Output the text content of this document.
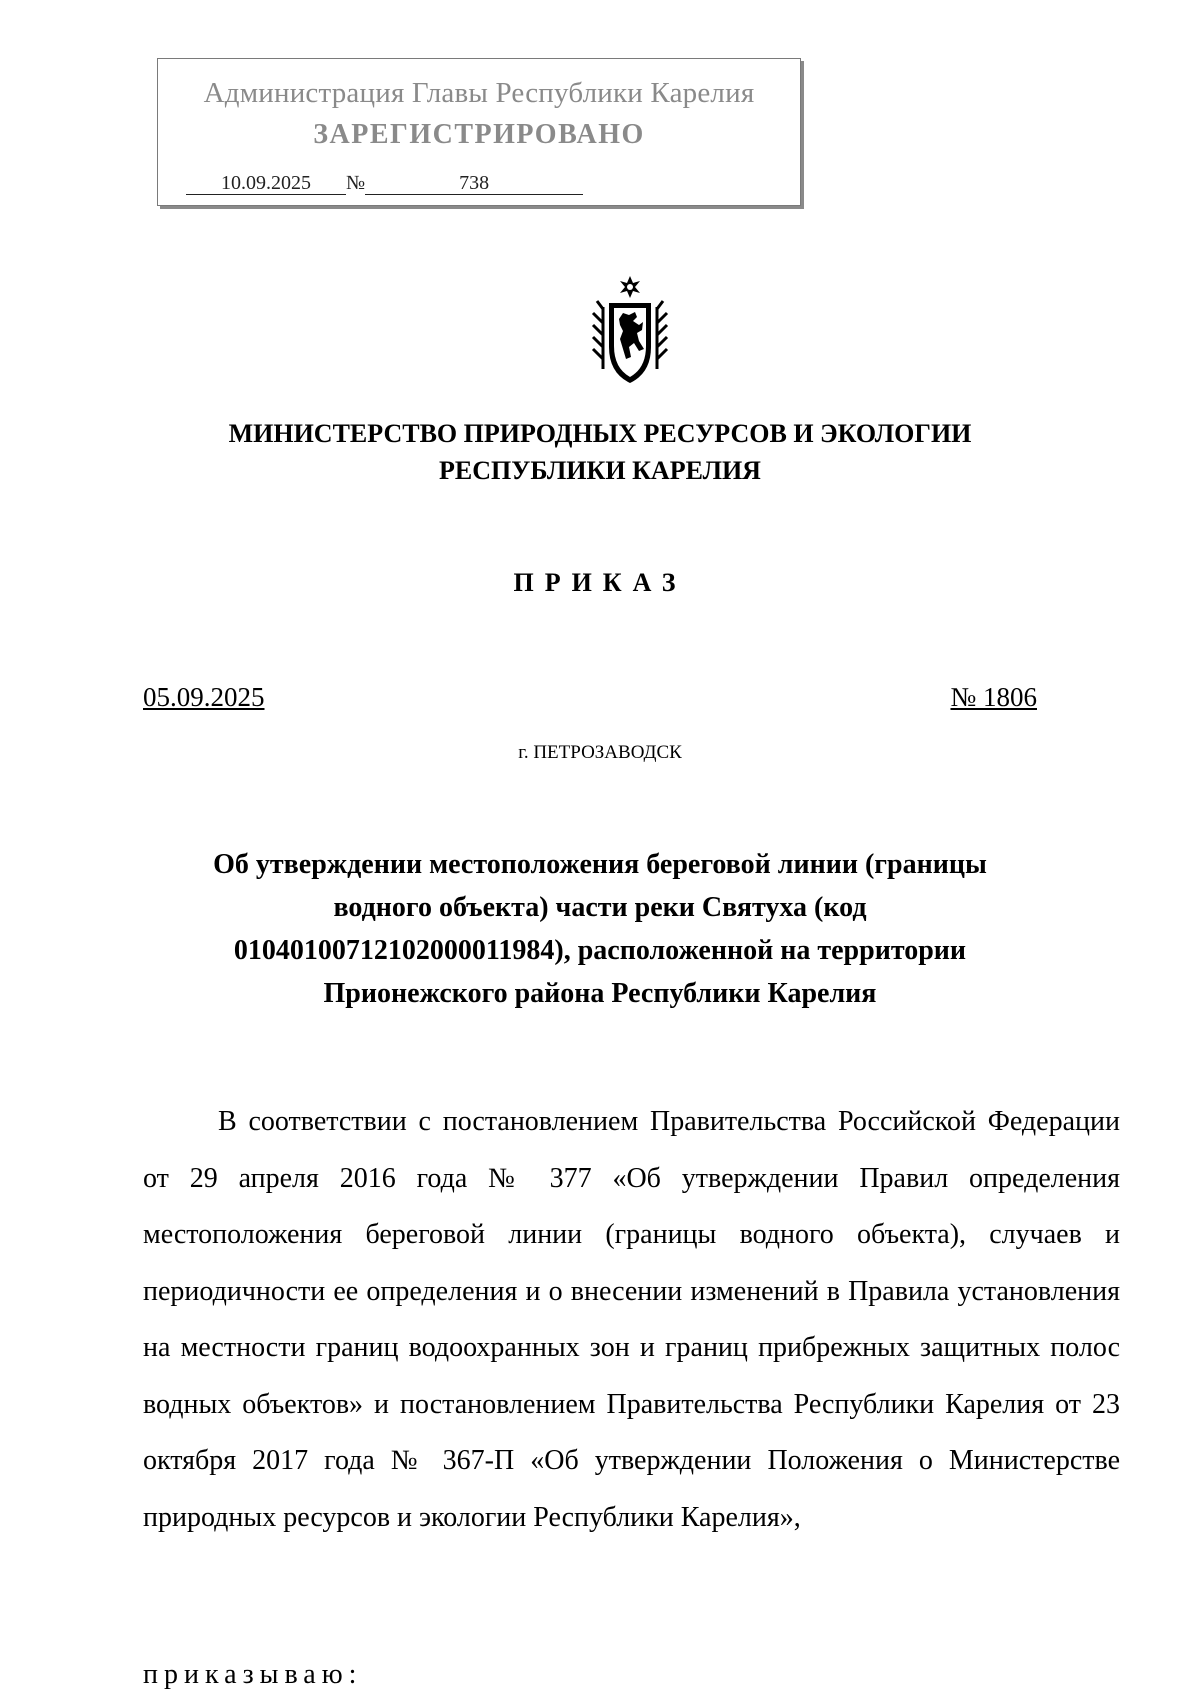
Администрация Главы Республики Карелия
ЗАРЕГИСТРИРОВАНО
10.09.2025 №	738
МИНИСТЕРСТВО ПРИРОДНЫХ РЕСУРСОВ И ЭКОЛОГИИ
РЕСПУБЛИКИ КАРЕЛИЯ
ПРИКАЗ
05.09.2025	№ 1806
г. ПЕТРОЗАВОДСК
Об утверждении местоположения береговой линии (границы
водного объекта) части реки Святуха (код
01040100712102000011984), расположенной на территории
Прионежского района Республики Карелия

В соответствии с постановлением Правительства Российской Федерации от 29 апреля 2016 года № 377 «Об утверждении Правил определения местоположения береговой линии (границы водного объекта), случаев и периодичности ее определения и о внесении изменений в Правила установления на местности границ водоохранных зон и границ прибрежных защитных полос водных объектов» и постановлением Правительства Республики Карелия от 23 октября 2017 года № 367-П «Об утверждении Положения о Министерстве природных ресурсов и экологии Республики Карелия»,

приказываю:
